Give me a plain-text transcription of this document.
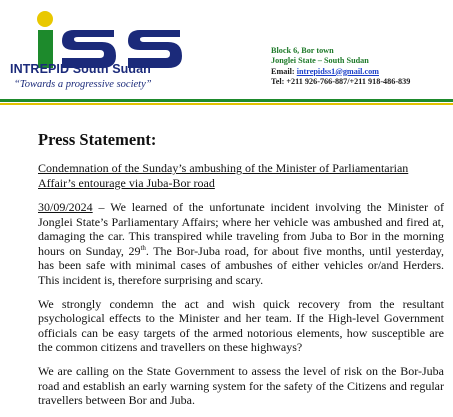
INTREPID South Sudan
“Towards a progressive society”
Block 6, Bor town
Jonglei State – South Sudan
Email: intrepidss1@gmail.com
Tel: +211 926-766-887/+211 918-486-839
Press Statement:
Condemnation of the Sunday’s ambushing of the Minister of Parliamentarian Affair’s entourage via Juba-Bor road

30/09/2024 – We learned of the unfortunate incident involving the Minister of Jonglei State’s Parliamentary Affairs; where her vehicle was ambushed and fired at, damaging the car. This transpired while traveling from Juba to Bor in the morning hours on Sunday, 29th. The Bor-Juba road, for about five months, until yesterday, has been safe with minimal cases of ambushes of either vehicles or/and Herders. This incident is, therefore surprising and scary.

We strongly condemn the act and wish quick recovery from the resultant psychological effects to the Minister and her team. If the High-level Government officials can be easy targets of the armed notorious elements, how susceptible are the common citizens and travellers on these highways?

We are calling on the State Government to assess the level of risk on the Bor-Juba road and establish an early warning system for the safety of the Citizens and regular travellers between Bor and Juba.
